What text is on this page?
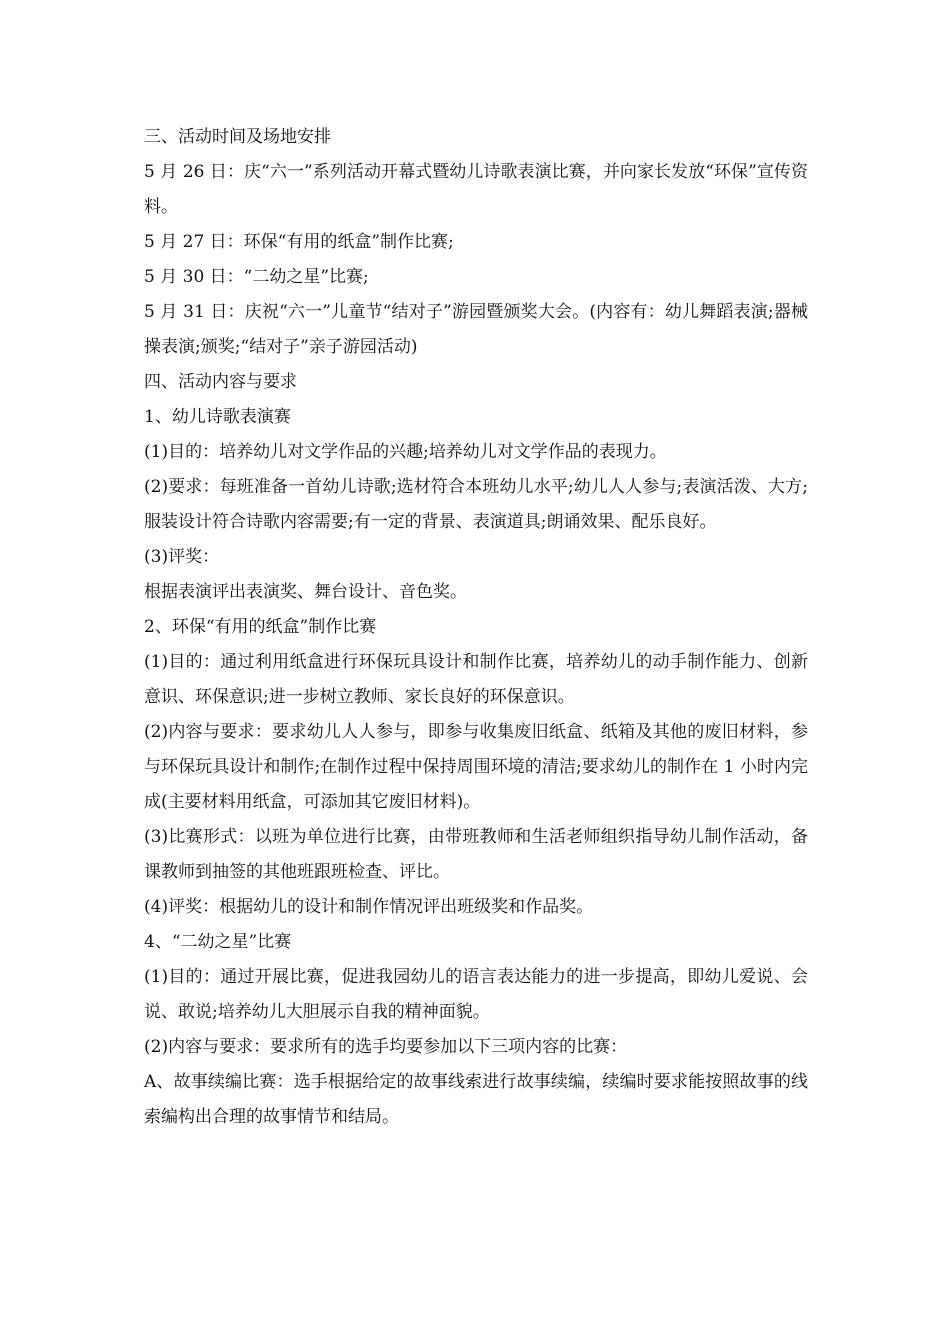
三、活动时间及场地安排

5 月 26 日：庆“六一”系列活动开幕式暨幼儿诗歌表演比赛，并向家长发放“环保”宣传资料。

5 月 27 日：环保“有用的纸盒”制作比赛;

5 月 30 日：“二幼之星”比赛;

5 月 31 日：庆祝“六一”儿童节“结对子”游园暨颁奖大会。(内容有：幼儿舞蹈表演;器械操表演;颁奖;“结对子”亲子游园活动)

四、活动内容与要求

1、幼儿诗歌表演赛

(1)目的：培养幼儿对文学作品的兴趣;培养幼儿对文学作品的表现力。

(2)要求：每班准备一首幼儿诗歌;选材符合本班幼儿水平;幼儿人人参与;表演活泼、大方;服装设计符合诗歌内容需要;有一定的背景、表演道具;朗诵效果、配乐良好。

(3)评奖：

根据表演评出表演奖、舞台设计、音色奖。

2、环保“有用的纸盒”制作比赛

(1)目的：通过利用纸盒进行环保玩具设计和制作比赛，培养幼儿的动手制作能力、创新意识、环保意识;进一步树立教师、家长良好的环保意识。

(2)内容与要求：要求幼儿人人参与，即参与收集废旧纸盒、纸箱及其他的废旧材料，参与环保玩具设计和制作;在制作过程中保持周围环境的清洁;要求幼儿的制作在 1 小时内完成(主要材料用纸盒，可添加其它废旧材料)。

(3)比赛形式：以班为单位进行比赛，由带班教师和生活老师组织指导幼儿制作活动，备课教师到抽签的其他班跟班检查、评比。

(4)评奖：根据幼儿的设计和制作情况评出班级奖和作品奖。

4、“二幼之星”比赛

(1)目的：通过开展比赛，促进我园幼儿的语言表达能力的进一步提高，即幼儿爱说、会说、敢说;培养幼儿大胆展示自我的精神面貌。

(2)内容与要求：要求所有的选手均要参加以下三项内容的比赛：

A、故事续编比赛：选手根据给定的故事线索进行故事续编，续编时要求能按照故事的线索编构出合理的故事情节和结局。
